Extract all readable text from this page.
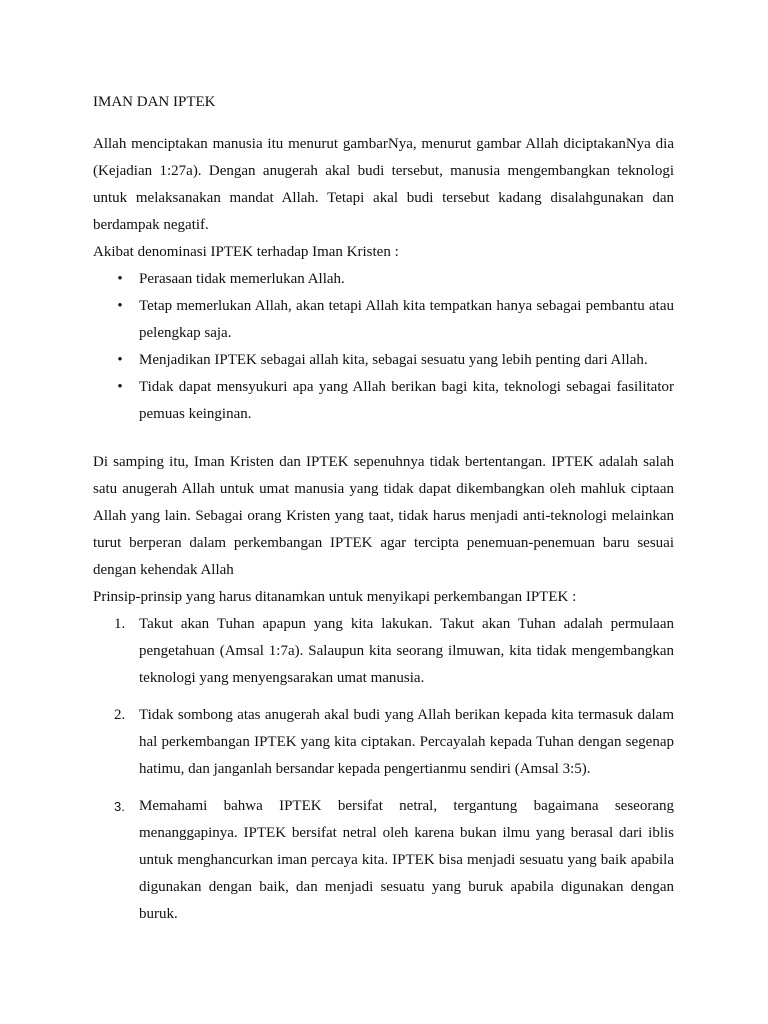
IMAN DAN IPTEK

Allah menciptakan manusia itu menurut gambarNya, menurut gambar Allah diciptakanNya dia (Kejadian 1:27a). Dengan anugerah akal budi tersebut, manusia mengembangkan teknologi untuk melaksanakan mandat Allah. Tetapi akal budi tersebut kadang disalahgunakan dan berdampak negatif.

Akibat denominasi IPTEK terhadap Iman Kristen :

• Perasaan tidak memerlukan Allah.
• Tetap memerlukan Allah, akan tetapi Allah kita tempatkan hanya sebagai pembantu atau pelengkap saja.
• Menjadikan IPTEK sebagai allah kita, sebagai sesuatu yang lebih penting dari Allah.
• Tidak dapat mensyukuri apa yang Allah berikan bagi kita, teknologi sebagai fasilitator pemuas keinginan.

Di samping itu, Iman Kristen dan IPTEK sepenuhnya tidak bertentangan. IPTEK adalah salah satu anugerah Allah untuk umat manusia yang tidak dapat dikembangkan oleh mahluk ciptaan Allah yang lain. Sebagai orang Kristen yang taat, tidak harus menjadi anti-teknologi melainkan turut berperan dalam perkembangan IPTEK agar tercipta penemuan-penemuan baru sesuai dengan kehendak Allah

Prinsip-prinsip yang harus ditanamkan untuk menyikapi perkembangan IPTEK :

1. Takut akan Tuhan apapun yang kita lakukan. Takut akan Tuhan adalah permulaan pengetahuan (Amsal 1:7a). Salaupun kita seorang ilmuwan, kita tidak mengembangkan teknologi yang menyengsarakan umat manusia.
2. Tidak sombong atas anugerah akal budi yang Allah berikan kepada kita termasuk dalam hal perkembangan IPTEK yang kita ciptakan. Percayalah kepada Tuhan dengan segenap hatimu, dan janganlah bersandar kepada pengertianmu sendiri (Amsal 3:5).
3. Memahami bahwa IPTEK bersifat netral, tergantung bagaimana seseorang menanggapinya. IPTEK bersifat netral oleh karena bukan ilmu yang berasal dari iblis untuk menghancurkan iman percaya kita. IPTEK bisa menjadi sesuatu yang baik apabila digunakan dengan baik, dan menjadi sesuatu yang buruk apabila digunakan dengan buruk.
